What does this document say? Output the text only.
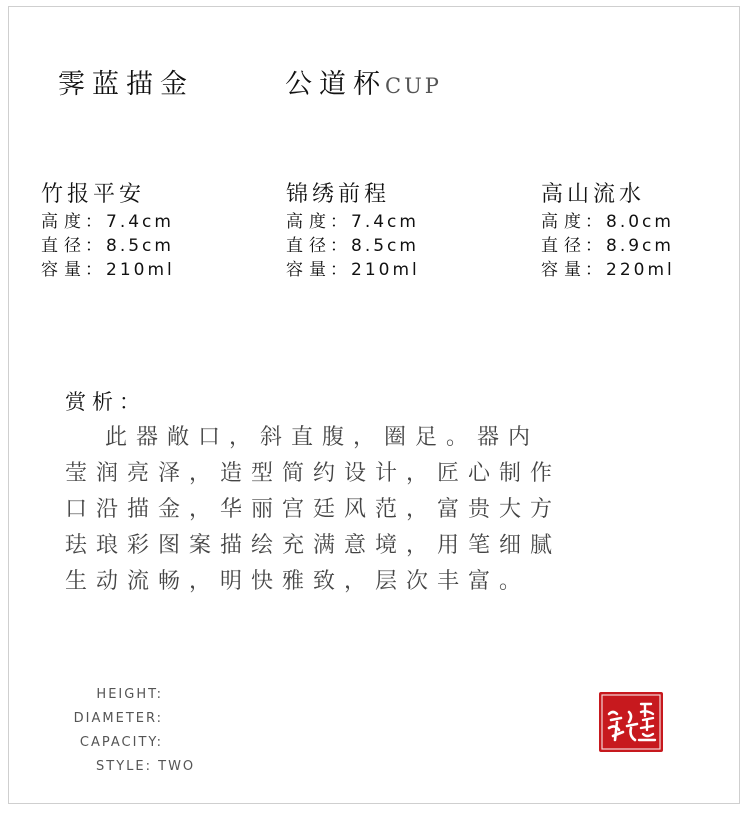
霁蓝描金	公道杯CUP
竹报平安
高度： 7.4cm
直径： 8.5cm
容量： 210ml
锦绣前程
高度： 7.4cm
直径： 8.5cm
容量： 210ml
高山流水
高度： 8.0cm
直径： 8.9cm
容量： 220ml
赏析：
此器敞口，斜直腹，圈足。器内
莹润亮泽，造型简约设计，匠心制作
口沿描金，华丽宫廷风范，富贵大方
珐琅彩图案描绘充满意境，用笔细腻
生动流畅，明快雅致，层次丰富。
HEIGHT:
DIAMETER:
CAPACITY:
STYLE: TWO
